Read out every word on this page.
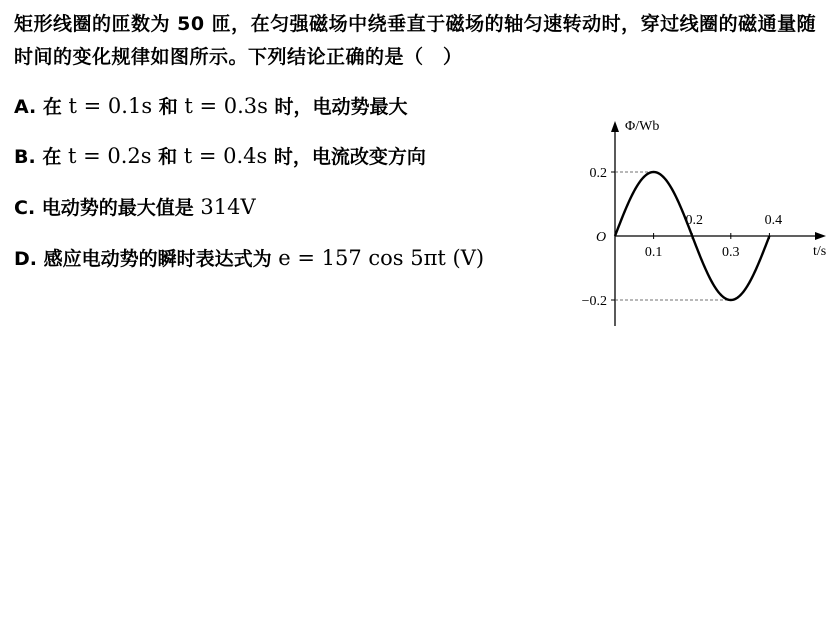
矩形线圈的匝数为 50 匝，在匀强磁场中绕垂直于磁场的轴匀速转动时，穿过线圈的磁通量随时间的变化规律如图所示。下列结论正确的是（　）
A. 在 t = 0.1s 和 t = 0.3s 时，电动势最大
B. 在 t = 0.2s 和 t = 0.4s 时，电流改变方向
C. 电动势的最大值是 314V
D. 感应电动势的瞬时表达式为 e = 157 cos 5πt (V)
Φ/Wb
t/s
O
0.2
−0.2
0.1	0.3
0.2	0.4
